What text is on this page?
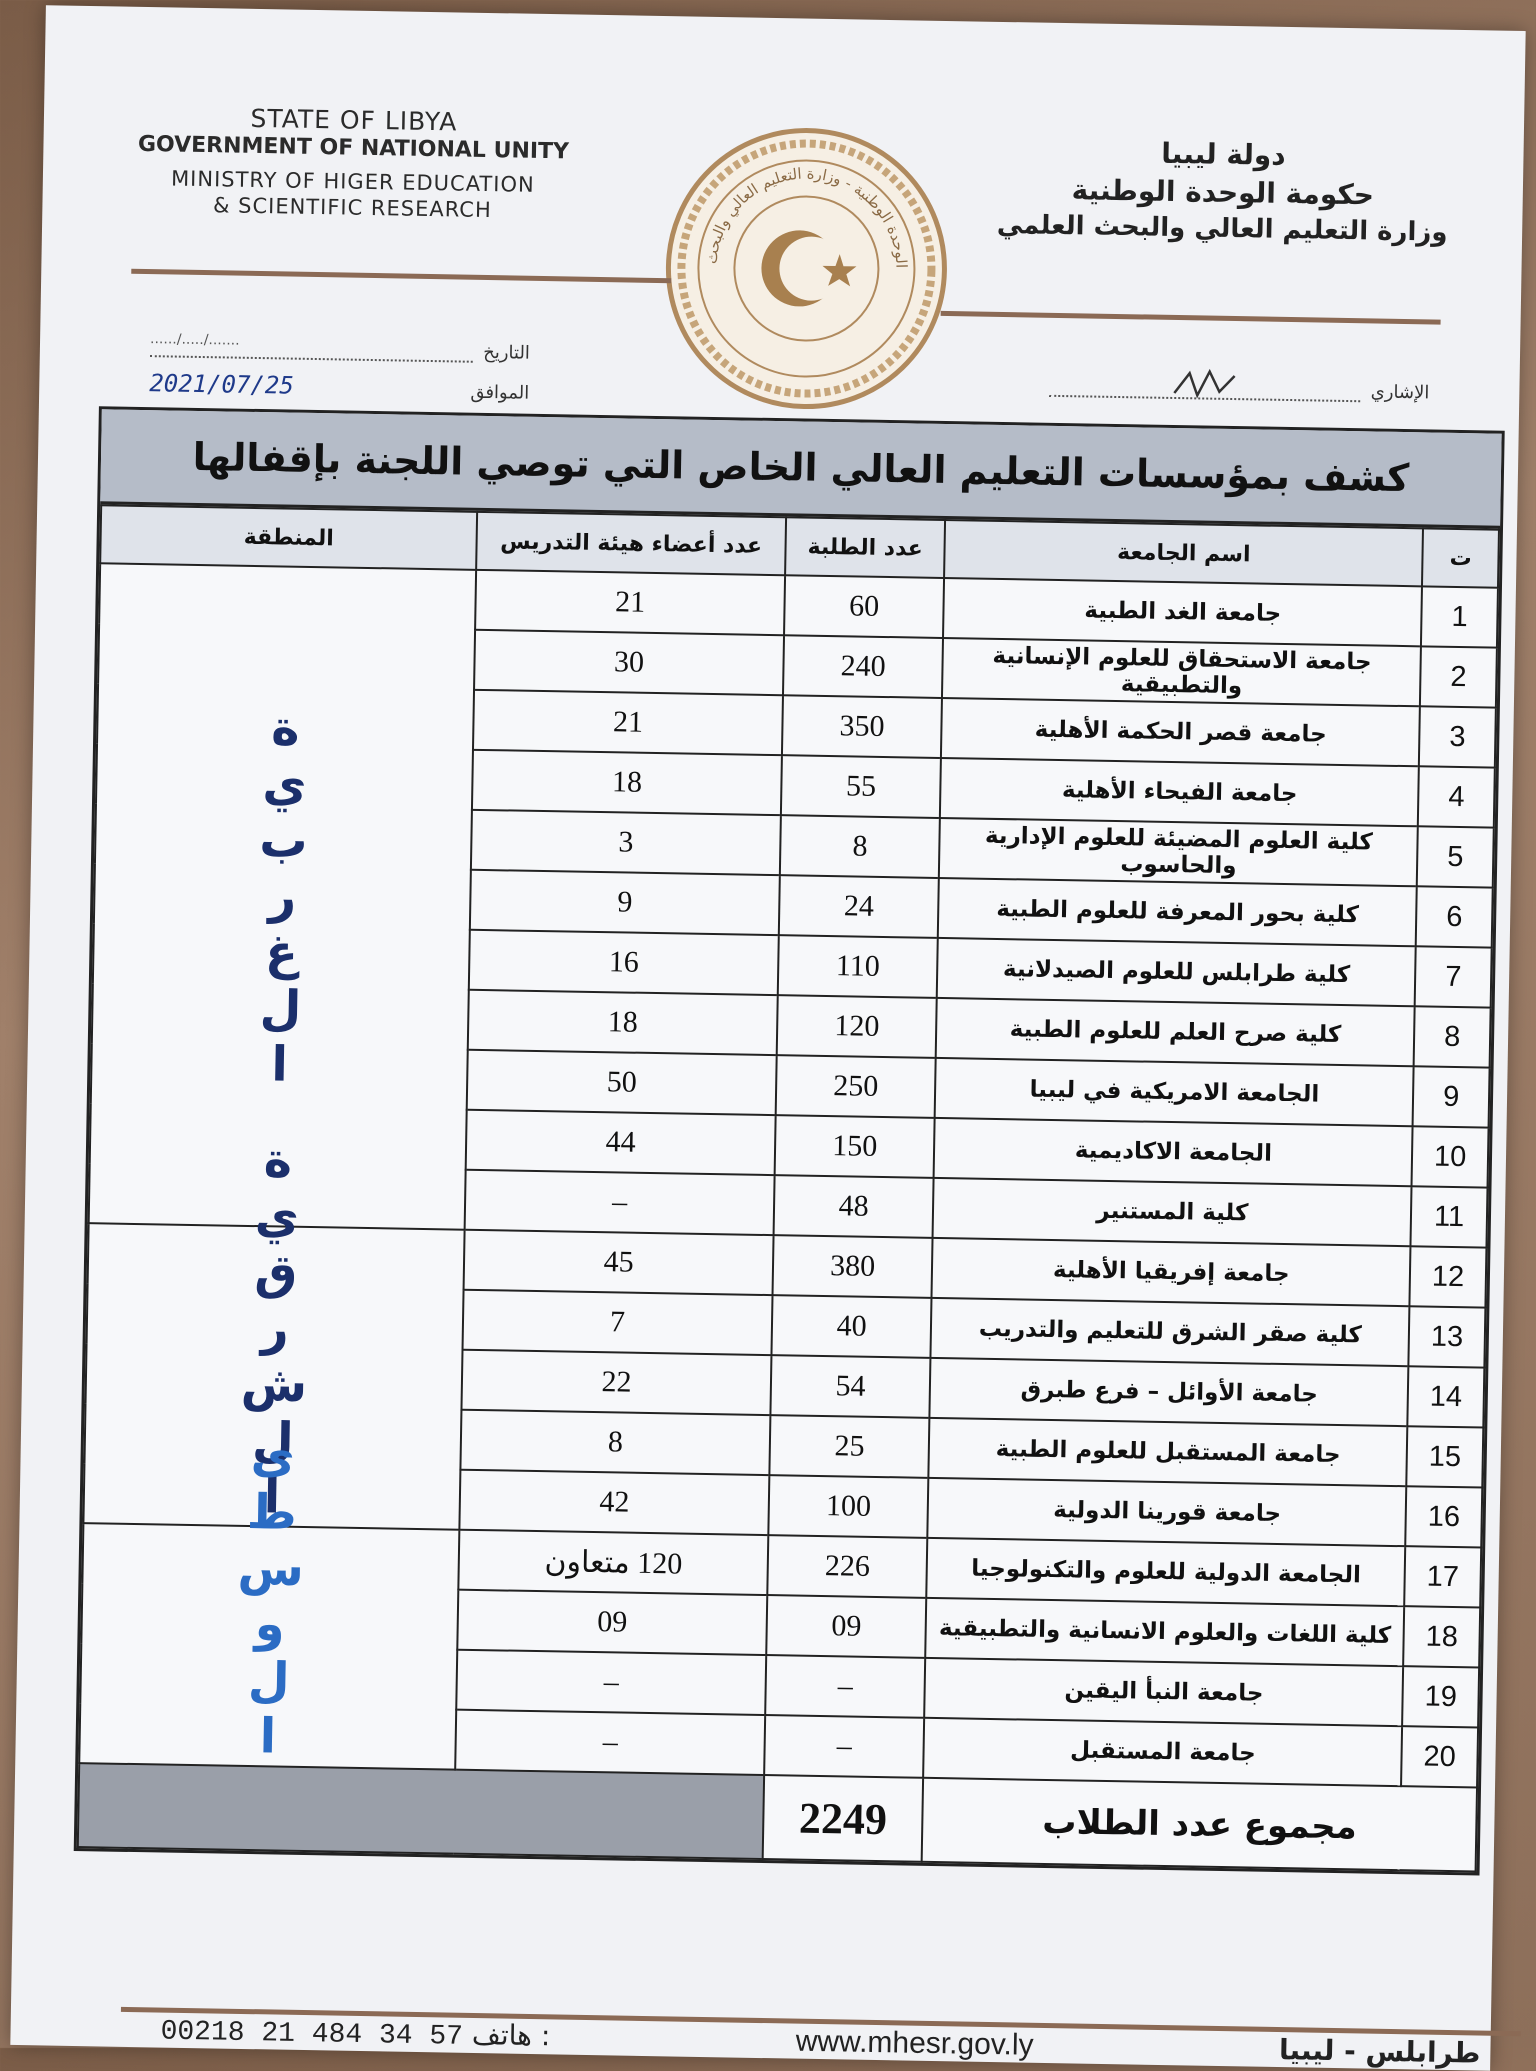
STATE OF LIBYA
GOVERNMENT OF NATIONAL UNITY
MINISTRY OF HIGER EDUCATION
& SCIENTIFIC RESEARCH
الوحدة الوطنية - وزارة التعليم العالي والبحث
دولة ليبيا
حكومة الوحدة الوطنية
وزارة التعليم العالي والبحث العلمي
....../...../.......
التاريخ
2021/07/25	الموافق	الإشاري
كشف بمؤسسات التعليم العالي الخاص التي توصي اللجنة بإقفالها
ت	اسم الجامعة	عدد الطلبة	عدد أعضاء هيئة التدريس	المنطقة
1	جامعة الغد الطبية	60	21	الغربية
2	جامعة الاستحقاق للعلوم الإنسانية والتطبيقية	240	30	
3	جامعة قصر الحكمة الأهلية	350	21	
4	جامعة الفيحاء الأهلية	55	18	
5	كلية العلوم المضيئة للعلوم الإدارية والحاسوب	8	3	
6	كلية بحور المعرفة للعلوم الطبية	24	9	
7	كلية طرابلس للعلوم الصيدلانية	110	16	
8	كلية صرح العلم للعلوم الطبية	120	18	
9	الجامعة الامريكية في ليبيا	250	50	
10	الجامعة الاكاديمية	150	44	
11	كلية المستنير	48	–	
12	جامعة إفريقيا الأهلية	380	45	الشرقية
13	كلية صقر الشرق للتعليم والتدريب	40	7	
14	جامعة الأوائل – فرع طبرق	54	22	
15	جامعة المستقبل للعلوم الطبية	25	8	
16	جامعة قورينا الدولية	100	42	
17	الجامعة الدولية للعلوم والتكنولوجيا	226	120 متعاون	الوسطى
18	كلية اللغات والعلوم الانسانية والتطبيقية	09	09	
19	جامعة النبأ اليقين	–	–	
20	جامعة المستقبل	–	–	
مجموع عدد الطلاب		2249		
00218 21 484 34 57 هاتف :	www.mhesr.gov.ly	طرابلس - ليبيا
